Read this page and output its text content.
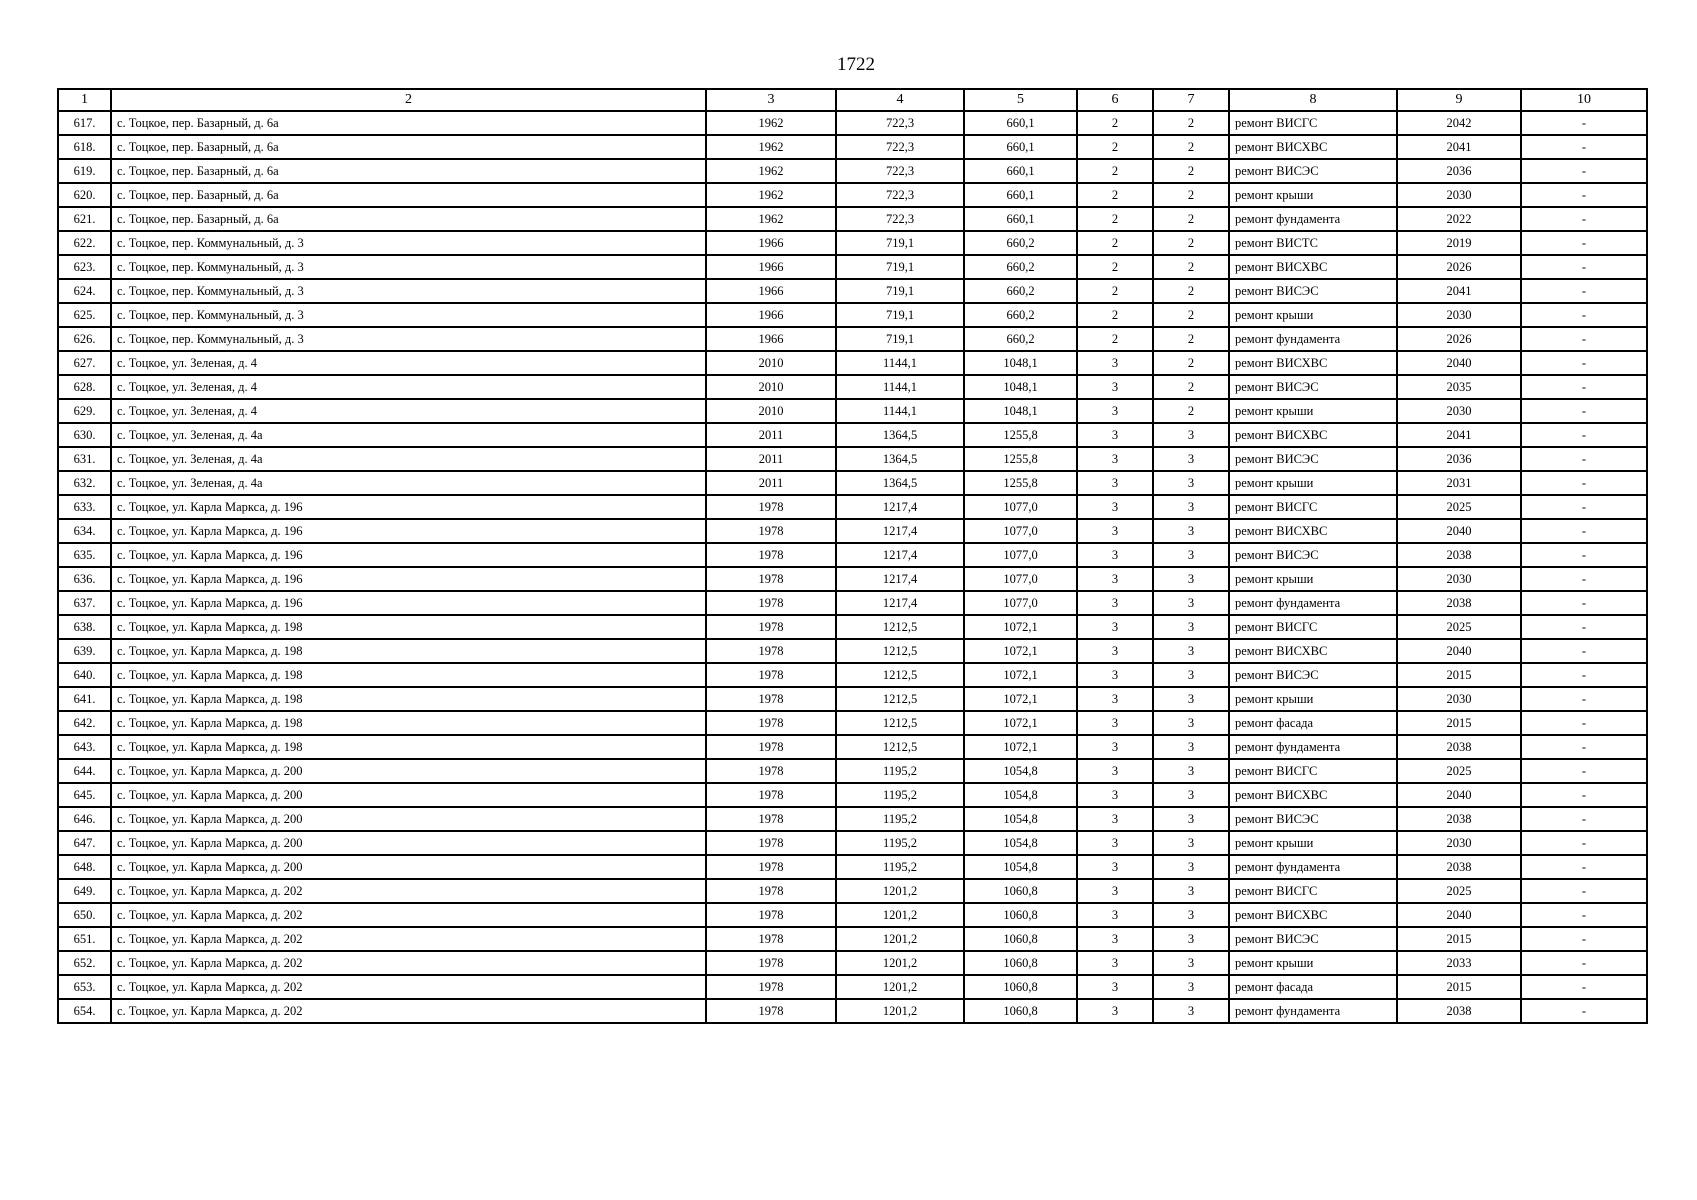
1722
1	2	3	4	5	6	7	8	9	10
617.	с. Тоцкое, пер. Базарный, д. 6а	1962	722,3	660,1	2	2	ремонт ВИСГС	2042	-
618.	с. Тоцкое, пер. Базарный, д. 6а	1962	722,3	660,1	2	2	ремонт ВИСХВС	2041	-
619.	с. Тоцкое, пер. Базарный, д. 6а	1962	722,3	660,1	2	2	ремонт ВИСЭС	2036	-
620.	с. Тоцкое, пер. Базарный, д. 6а	1962	722,3	660,1	2	2	ремонт крыши	2030	-
621.	с. Тоцкое, пер. Базарный, д. 6а	1962	722,3	660,1	2	2	ремонт фундамента	2022	-
622.	с. Тоцкое, пер. Коммунальный, д. 3	1966	719,1	660,2	2	2	ремонт ВИСТС	2019	-
623.	с. Тоцкое, пер. Коммунальный, д. 3	1966	719,1	660,2	2	2	ремонт ВИСХВС	2026	-
624.	с. Тоцкое, пер. Коммунальный, д. 3	1966	719,1	660,2	2	2	ремонт ВИСЭС	2041	-
625.	с. Тоцкое, пер. Коммунальный, д. 3	1966	719,1	660,2	2	2	ремонт крыши	2030	-
626.	с. Тоцкое, пер. Коммунальный, д. 3	1966	719,1	660,2	2	2	ремонт фундамента	2026	-
627.	с. Тоцкое, ул. Зеленая, д. 4	2010	1144,1	1048,1	3	2	ремонт ВИСХВС	2040	-
628.	с. Тоцкое, ул. Зеленая, д. 4	2010	1144,1	1048,1	3	2	ремонт ВИСЭС	2035	-
629.	с. Тоцкое, ул. Зеленая, д. 4	2010	1144,1	1048,1	3	2	ремонт крыши	2030	-
630.	с. Тоцкое, ул. Зеленая, д. 4а	2011	1364,5	1255,8	3	3	ремонт ВИСХВС	2041	-
631.	с. Тоцкое, ул. Зеленая, д. 4а	2011	1364,5	1255,8	3	3	ремонт ВИСЭС	2036	-
632.	с. Тоцкое, ул. Зеленая, д. 4а	2011	1364,5	1255,8	3	3	ремонт крыши	2031	-
633.	с. Тоцкое, ул. Карла Маркса, д. 196	1978	1217,4	1077,0	3	3	ремонт ВИСГС	2025	-
634.	с. Тоцкое, ул. Карла Маркса, д. 196	1978	1217,4	1077,0	3	3	ремонт ВИСХВС	2040	-
635.	с. Тоцкое, ул. Карла Маркса, д. 196	1978	1217,4	1077,0	3	3	ремонт ВИСЭС	2038	-
636.	с. Тоцкое, ул. Карла Маркса, д. 196	1978	1217,4	1077,0	3	3	ремонт крыши	2030	-
637.	с. Тоцкое, ул. Карла Маркса, д. 196	1978	1217,4	1077,0	3	3	ремонт фундамента	2038	-
638.	с. Тоцкое, ул. Карла Маркса, д. 198	1978	1212,5	1072,1	3	3	ремонт ВИСГС	2025	-
639.	с. Тоцкое, ул. Карла Маркса, д. 198	1978	1212,5	1072,1	3	3	ремонт ВИСХВС	2040	-
640.	с. Тоцкое, ул. Карла Маркса, д. 198	1978	1212,5	1072,1	3	3	ремонт ВИСЭС	2015	-
641.	с. Тоцкое, ул. Карла Маркса, д. 198	1978	1212,5	1072,1	3	3	ремонт крыши	2030	-
642.	с. Тоцкое, ул. Карла Маркса, д. 198	1978	1212,5	1072,1	3	3	ремонт фасада	2015	-
643.	с. Тоцкое, ул. Карла Маркса, д. 198	1978	1212,5	1072,1	3	3	ремонт фундамента	2038	-
644.	с. Тоцкое, ул. Карла Маркса, д. 200	1978	1195,2	1054,8	3	3	ремонт ВИСГС	2025	-
645.	с. Тоцкое, ул. Карла Маркса, д. 200	1978	1195,2	1054,8	3	3	ремонт ВИСХВС	2040	-
646.	с. Тоцкое, ул. Карла Маркса, д. 200	1978	1195,2	1054,8	3	3	ремонт ВИСЭС	2038	-
647.	с. Тоцкое, ул. Карла Маркса, д. 200	1978	1195,2	1054,8	3	3	ремонт крыши	2030	-
648.	с. Тоцкое, ул. Карла Маркса, д. 200	1978	1195,2	1054,8	3	3	ремонт фундамента	2038	-
649.	с. Тоцкое, ул. Карла Маркса, д. 202	1978	1201,2	1060,8	3	3	ремонт ВИСГС	2025	-
650.	с. Тоцкое, ул. Карла Маркса, д. 202	1978	1201,2	1060,8	3	3	ремонт ВИСХВС	2040	-
651.	с. Тоцкое, ул. Карла Маркса, д. 202	1978	1201,2	1060,8	3	3	ремонт ВИСЭС	2015	-
652.	с. Тоцкое, ул. Карла Маркса, д. 202	1978	1201,2	1060,8	3	3	ремонт крыши	2033	-
653.	с. Тоцкое, ул. Карла Маркса, д. 202	1978	1201,2	1060,8	3	3	ремонт фасада	2015	-
654.	с. Тоцкое, ул. Карла Маркса, д. 202	1978	1201,2	1060,8	3	3	ремонт фундамента	2038	-
